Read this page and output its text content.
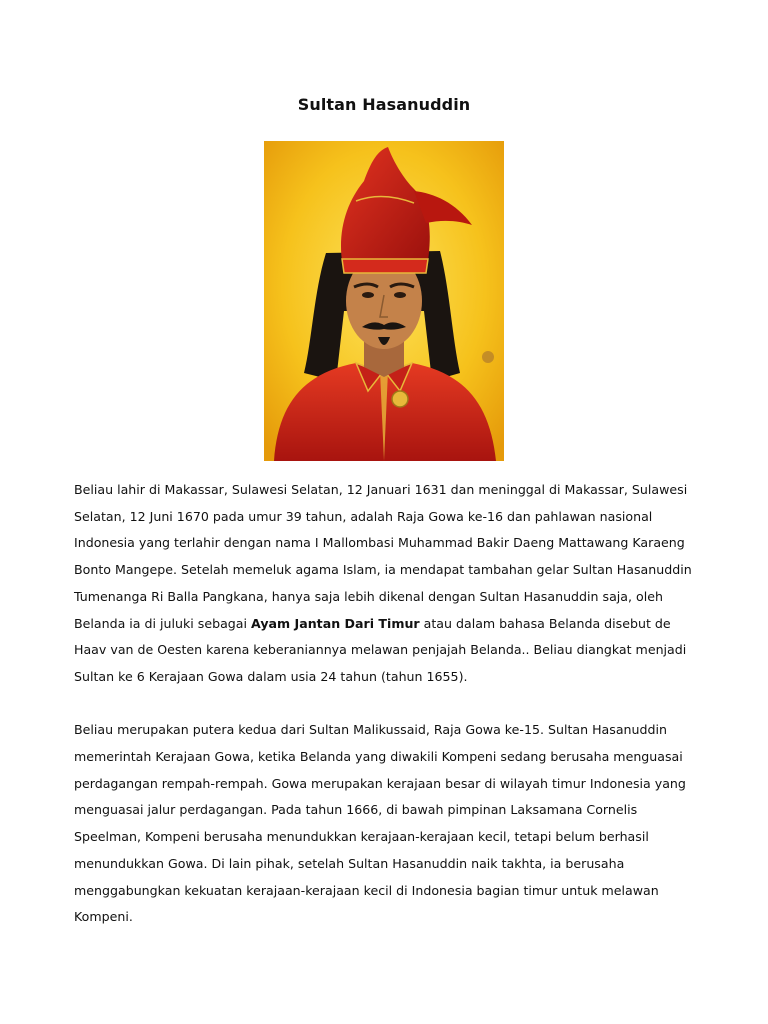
Sultan Hasanuddin

Beliau lahir di Makassar, Sulawesi Selatan, 12 Januari 1631 dan meninggal di Makassar, Sulawesi Selatan, 12 Juni 1670 pada umur 39 tahun, adalah Raja Gowa ke-16 dan pahlawan nasional Indonesia yang terlahir dengan nama I Mallombasi Muhammad Bakir Daeng Mattawang Karaeng Bonto Mangepe. Setelah memeluk agama Islam, ia mendapat tambahan gelar Sultan Hasanuddin Tumenanga Ri Balla Pangkana, hanya saja lebih dikenal dengan Sultan Hasanuddin saja, oleh Belanda ia di juluki sebagai Ayam Jantan Dari Timur atau dalam bahasa Belanda disebut de Haav van de Oesten karena keberaniannya melawan penjajah Belanda.. Beliau diangkat menjadi Sultan ke 6 Kerajaan Gowa dalam usia 24 tahun (tahun 1655).

Beliau merupakan putera kedua dari Sultan Malikussaid, Raja Gowa ke-15. Sultan Hasanuddin memerintah Kerajaan Gowa, ketika Belanda yang diwakili Kompeni sedang berusaha menguasai perdagangan rempah-rempah. Gowa merupakan kerajaan besar di wilayah timur Indonesia yang menguasai jalur perdagangan. Pada tahun 1666, di bawah pimpinan Laksamana Cornelis Speelman, Kompeni berusaha menundukkan kerajaan-kerajaan kecil, tetapi belum berhasil menundukkan Gowa. Di lain pihak, setelah Sultan Hasanuddin naik takhta, ia berusaha menggabungkan kekuatan kerajaan-kerajaan kecil di Indonesia bagian timur untuk melawan Kompeni.
